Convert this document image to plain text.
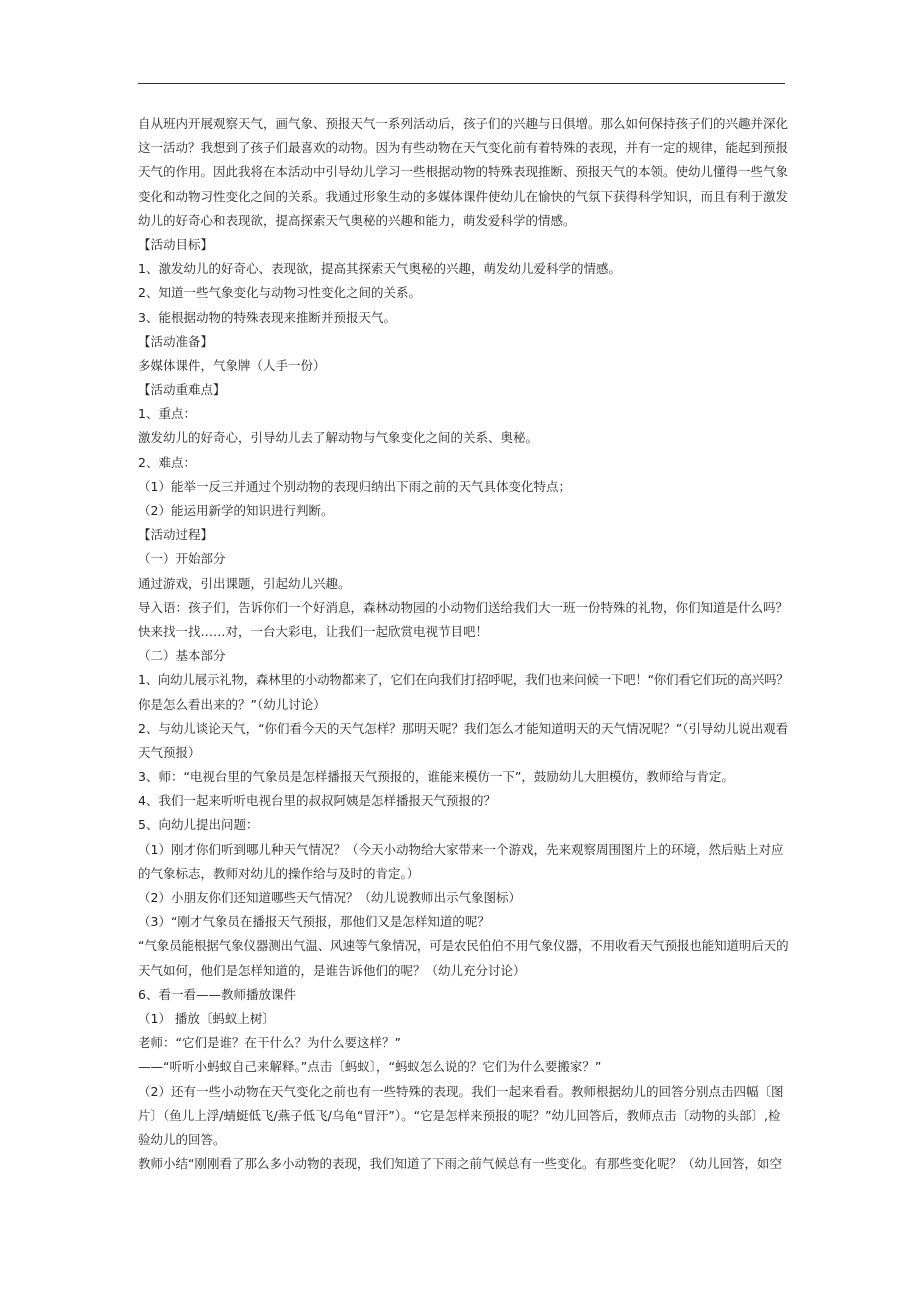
自从班内开展观察天气，画气象、预报天气一系列活动后，孩子们的兴趣与日俱增。那么如何保持孩子们的兴趣并深化
这一活动？我想到了孩子们最喜欢的动物。因为有些动物在天气变化前有着特殊的表现，并有一定的规律，能起到预报
天气的作用。因此我将在本活动中引导幼儿学习一些根据动物的特殊表现推断、预报天气的本领。使幼儿懂得一些气象
变化和动物习性变化之间的关系。我通过形象生动的多媒体课件使幼儿在愉快的气氛下获得科学知识，而且有利于激发
幼儿的好奇心和表现欲，提高探索天气奥秘的兴趣和能力，萌发爱科学的情感。
【活动目标】
1、激发幼儿的好奇心、表现欲，提高其探索天气奥秘的兴趣，萌发幼儿爱科学的情感。
2、知道一些气象变化与动物习性变化之间的关系。
3、能根据动物的特殊表现来推断并预报天气。
【活动准备】
多媒体课件，气象牌（人手一份）
【活动重难点】
1、重点：
激发幼儿的好奇心，引导幼儿去了解动物与气象变化之间的关系、奥秘。
2、难点：
（1）能举一反三并通过个别动物的表现归纳出下雨之前的天气具体变化特点；
（2）能运用新学的知识进行判断。
【活动过程】
（一）开始部分
通过游戏，引出课题，引起幼儿兴趣。
导入语：孩子们，告诉你们一个好消息，森林动物园的小动物们送给我们大一班一份特殊的礼物，你们知道是什么吗？
快来找一找……对，一台大彩电，让我们一起欣赏电视节目吧！
（二）基本部分
1、向幼儿展示礼物，森林里的小动物都来了，它们在向我们打招呼呢，我们也来问候一下吧！“你们看它们玩的高兴吗？
你是怎么看出来的？”（幼儿讨论）
2、与幼儿谈论天气，“你们看今天的天气怎样？那明天呢？我们怎么才能知道明天的天气情况呢？”（引导幼儿说出观看
天气预报）
3、师：“电视台里的气象员是怎样播报天气预报的，谁能来模仿一下”，鼓励幼儿大胆模仿，教师给与肯定。
4、我们一起来听听电视台里的叔叔阿姨是怎样播报天气预报的？
5、向幼儿提出问题：
（1）刚才你们听到哪儿种天气情况？（今天小动物给大家带来一个游戏，先来观察周围图片上的环境，然后贴上对应
的气象标志，教师对幼儿的操作给与及时的肯定。）
（2）小朋友你们还知道哪些天气情况？（幼儿说教师出示气象图标）
（3）“刚才气象员在播报天气预报，那他们又是怎样知道的呢？
“气象员能根据气象仪器测出气温、风速等气象情况，可是农民伯伯不用气象仪器，不用收看天气预报也能知道明后天的
天气如何，他们是怎样知道的，是谁告诉他们的呢？（幼儿充分讨论）
6、看一看——教师播放课件
（1） 播放〔蚂蚁上树〕
老师：“它们是谁？在干什么？为什么要这样？”
——“听听小蚂蚁自己来解释。”点击〔蚂蚁〕，“蚂蚁怎么说的？它们为什么要搬家？”
（2）还有一些小动物在天气变化之前也有一些特殊的表现。我们一起来看看。教师根据幼儿的回答分别点击四幅〔图
片〕（鱼儿上浮/蜻蜓低飞/燕子低飞/乌龟“冒汗”）。“它是怎样来预报的呢？”幼儿回答后，教师点击〔动物的头部〕,检
验幼儿的回答。
教师小结“刚刚看了那么多小动物的表现，我们知道了下雨之前气候总有一些变化。有那些变化呢？（幼儿回答，如空
